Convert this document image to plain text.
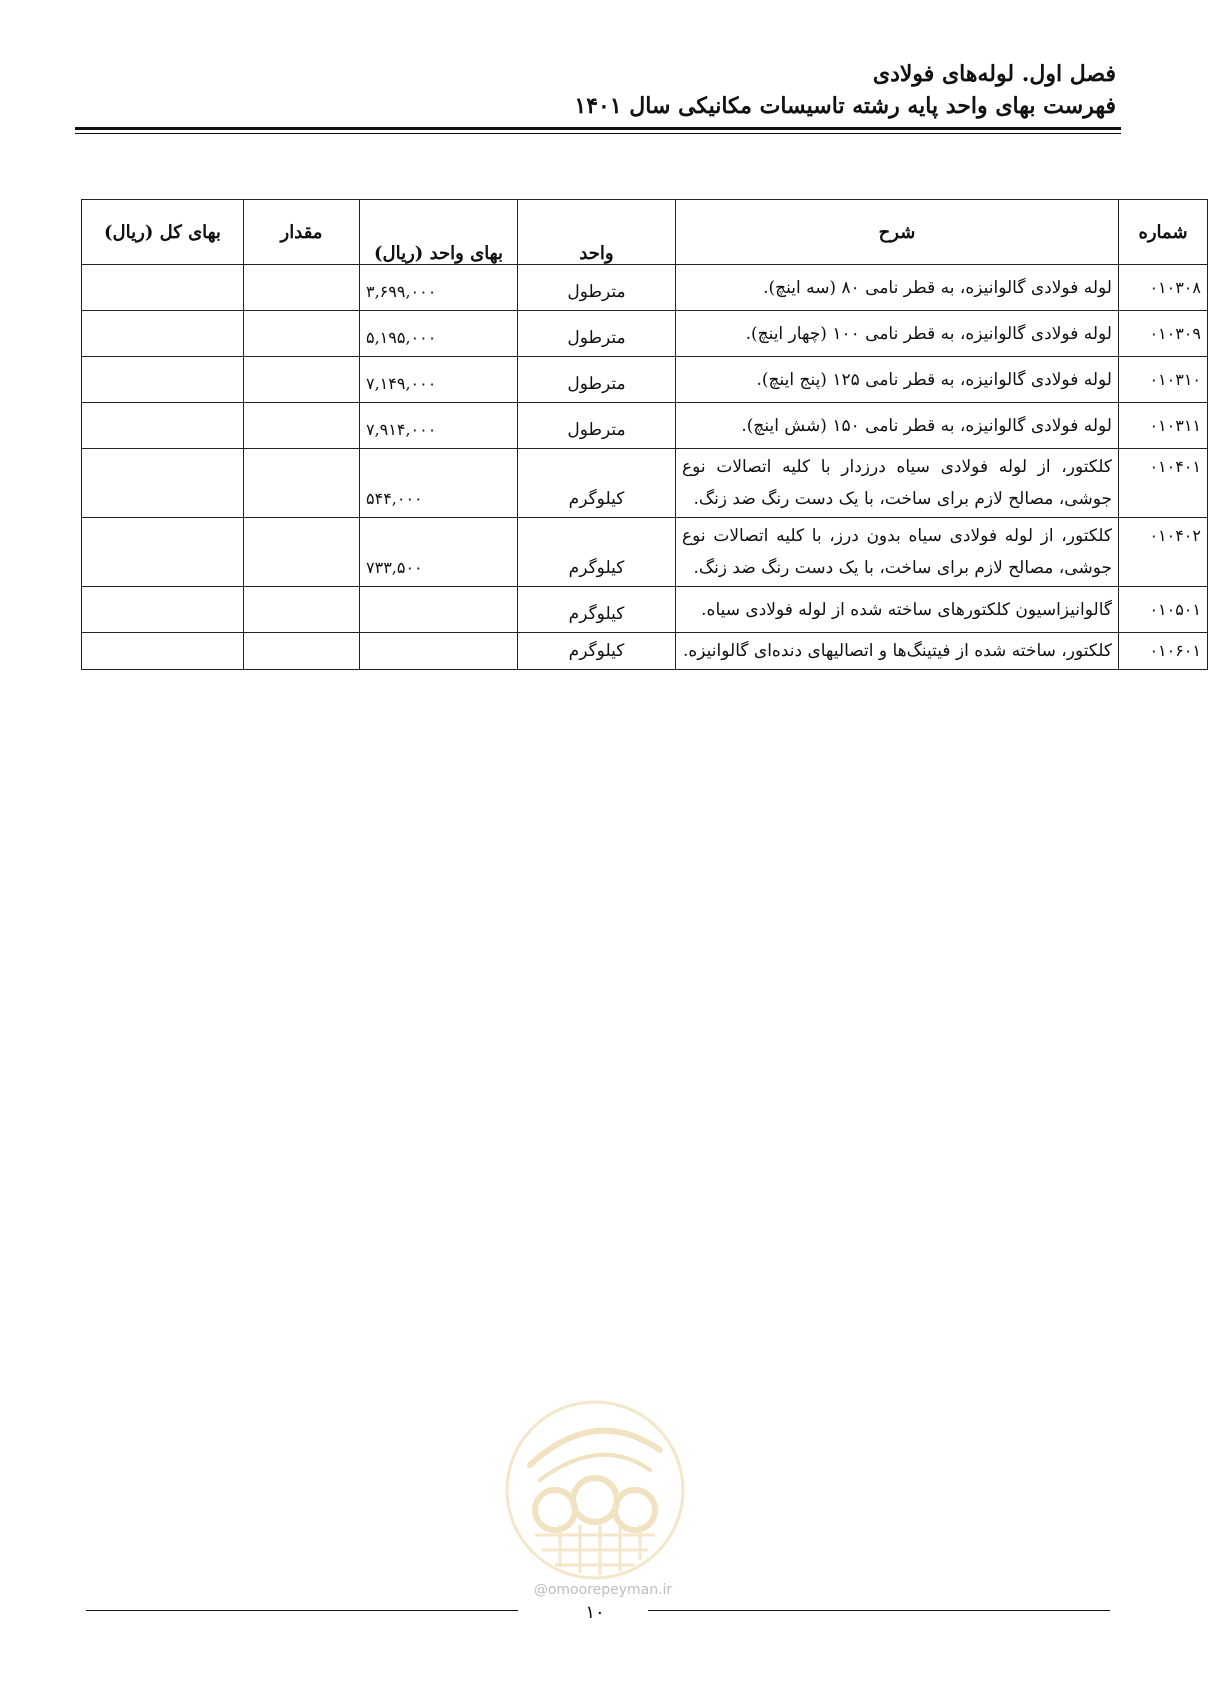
فصل اول. لوله‌های فولادی
فهرست بهای واحد پایه رشته تاسیسات مکانیکی سال ۱۴۰۱
شماره	شرح	واحد	بهای واحد (ریال)	مقدار	بهای کل (ریال)
۰۱۰۳۰۸	لوله فولادی گالوانیزه، به قطر نامی ۸۰ (سه اینچ).	مترطول	۳,۶۹۹,۰۰۰		
۰۱۰۳۰۹	لوله فولادی گالوانیزه، به قطر نامی ۱۰۰ (چهار اینچ).	مترطول	۵,۱۹۵,۰۰۰		
۰۱۰۳۱۰	لوله فولادی گالوانیزه، به قطر نامی ۱۲۵ (پنج اینچ).	مترطول	۷,۱۴۹,۰۰۰		
۰۱۰۳۱۱	لوله فولادی گالوانیزه، به قطر نامی ۱۵۰ (شش اینچ).	مترطول	۷,۹۱۴,۰۰۰		
۰۱۰۴۰۱	کلکتور، از لوله فولادی سیاه درزدار با کلیه اتصالات نوع جوشی، مصالح لازم برای ساخت، با یک دست رنگ ضد زنگ.	کیلوگرم	۵۴۴,۰۰۰		
۰۱۰۴۰۲	کلکتور، از لوله فولادی سیاه بدون درز، با کلیه اتصالات نوع جوشی، مصالح لازم برای ساخت، با یک دست رنگ ضد زنگ.	کیلوگرم	۷۳۳,۵۰۰		
۰۱۰۵۰۱	گالوانیزاسیون کلکتورهای ساخته شده از لوله فولادی سیاه.	کیلوگرم			
۰۱۰۶۰۱	کلکتور، ساخته شده از فیتینگ‌ها و اتصالیهای دنده‌ای گالوانیزه.	کیلوگرم			
@omoorepeyman.ir
۱۰
